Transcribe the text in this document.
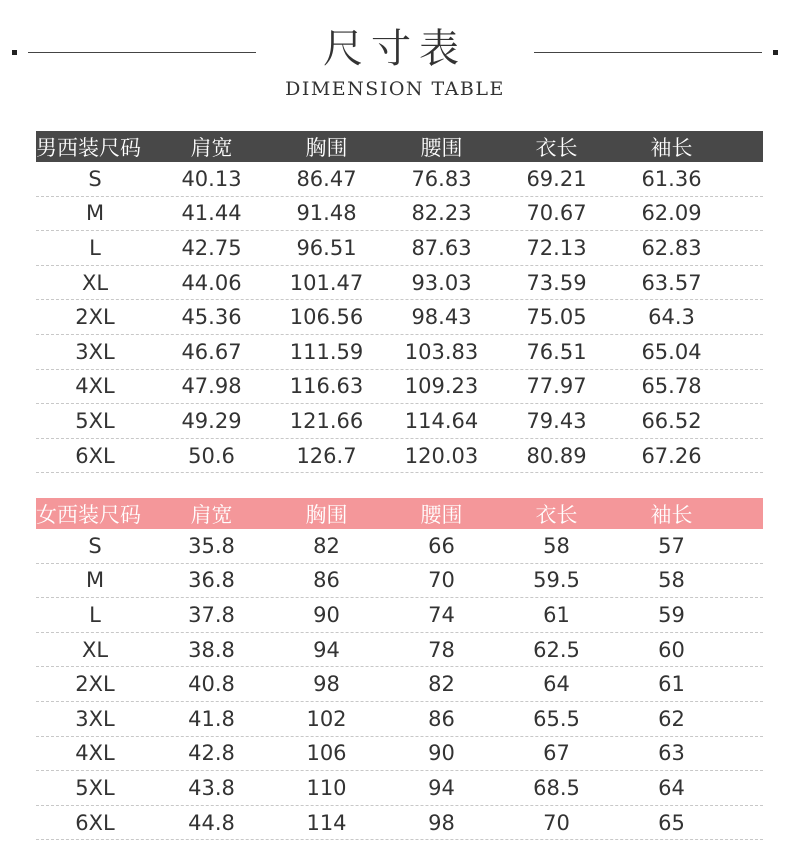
尺寸表
DIMENSION TABLE
男西装尺码	肩宽	胸围	腰围	衣长	袖长
S	40.13	86.47	76.83	69.21	61.36
M	41.44	91.48	82.23	70.67	62.09
L	42.75	96.51	87.63	72.13	62.83
XL	44.06	101.47	93.03	73.59	63.57
2XL	45.36	106.56	98.43	75.05	64.3
3XL	46.67	111.59	103.83	76.51	65.04
4XL	47.98	116.63	109.23	77.97	65.78
5XL	49.29	121.66	114.64	79.43	66.52
6XL	50.6	126.7	120.03	80.89	67.26
女西装尺码	肩宽	胸围	腰围	衣长	袖长
S	35.8	82	66	58	57
M	36.8	86	70	59.5	58
L	37.8	90	74	61	59
XL	38.8	94	78	62.5	60
2XL	40.8	98	82	64	61
3XL	41.8	102	86	65.5	62
4XL	42.8	106	90	67	63
5XL	43.8	110	94	68.5	64
6XL	44.8	114	98	70	65
